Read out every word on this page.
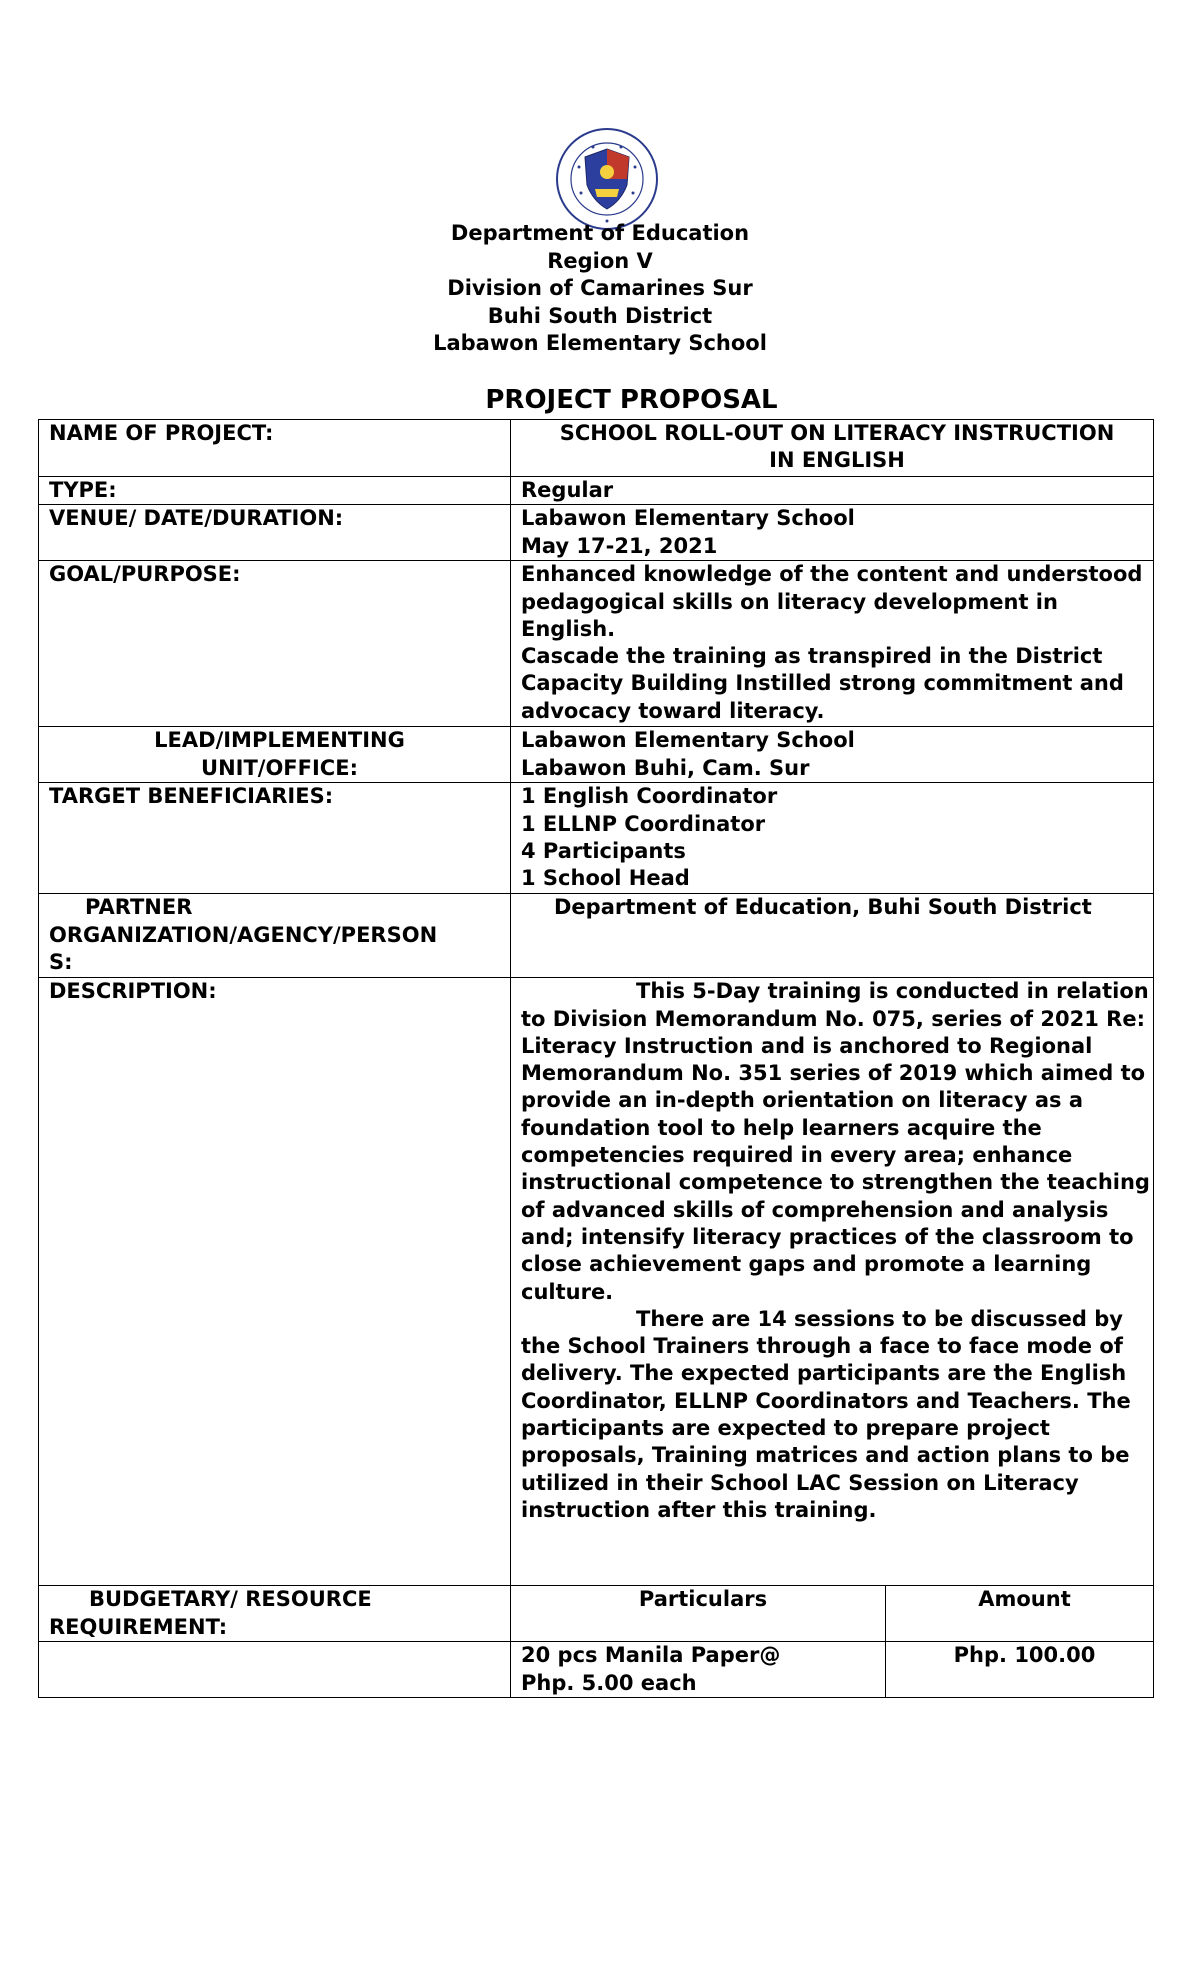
Department of Education
Region V
Division of Camarines Sur
Buhi South District
Labawon Elementary School
PROJECT PROPOSAL
NAME OF PROJECT:	SCHOOL ROLL-OUT ON LITERACY INSTRUCTION
IN ENGLISH	

TYPE:	Regular	
VENUE/ DATE/DURATION:	Labawon Elementary School
May 17-21, 2021	

GOAL/PURPOSE:	Enhanced knowledge of the content and understood pedagogical skills on literacy development in English.
Cascade the training as transpired in the District Capacity Building Instilled strong commitment and advocacy toward literacy.	

LEAD/IMPLEMENTING
UNIT/OFFICE:	Labawon Elementary School
Labawon Buhi, Cam. Sur	

TARGET BENEFICIARIES:	1 English Coordinator
1 ELLNP Coordinator
4 Participants
1 School Head	

PARTNER
ORGANIZATION/AGENCY/PERSON
S:	Department of Education, Buhi South District	

DESCRIPTION:	This 5-Day training is conducted in relation to Division Memorandum No. 075, series of 2021 Re: Literacy Instruction and is anchored to Regional Memorandum No. 351 series of 2019 which aimed to provide an in-depth orientation on literacy as a foundation tool to help learners acquire the competencies required in every area; enhance instructional competence to strengthen the teaching of advanced skills of comprehension and analysis and; intensify literacy practices of the classroom to close achievement gaps and promote a learning culture.
There are 14 sessions to be discussed by the School Trainers through a face to face mode of delivery. The expected participants are the English Coordinator, ELLNP Coordinators and Teachers. The participants are expected to prepare project proposals, Training matrices and action plans to be utilized in their School LAC Session on Literacy instruction after this training.	

BUDGETARY/ RESOURCE
REQUIREMENT:	Particulars	Amount

	20 pcs Manila Paper@
Php. 5.00 each	Php. 100.00
